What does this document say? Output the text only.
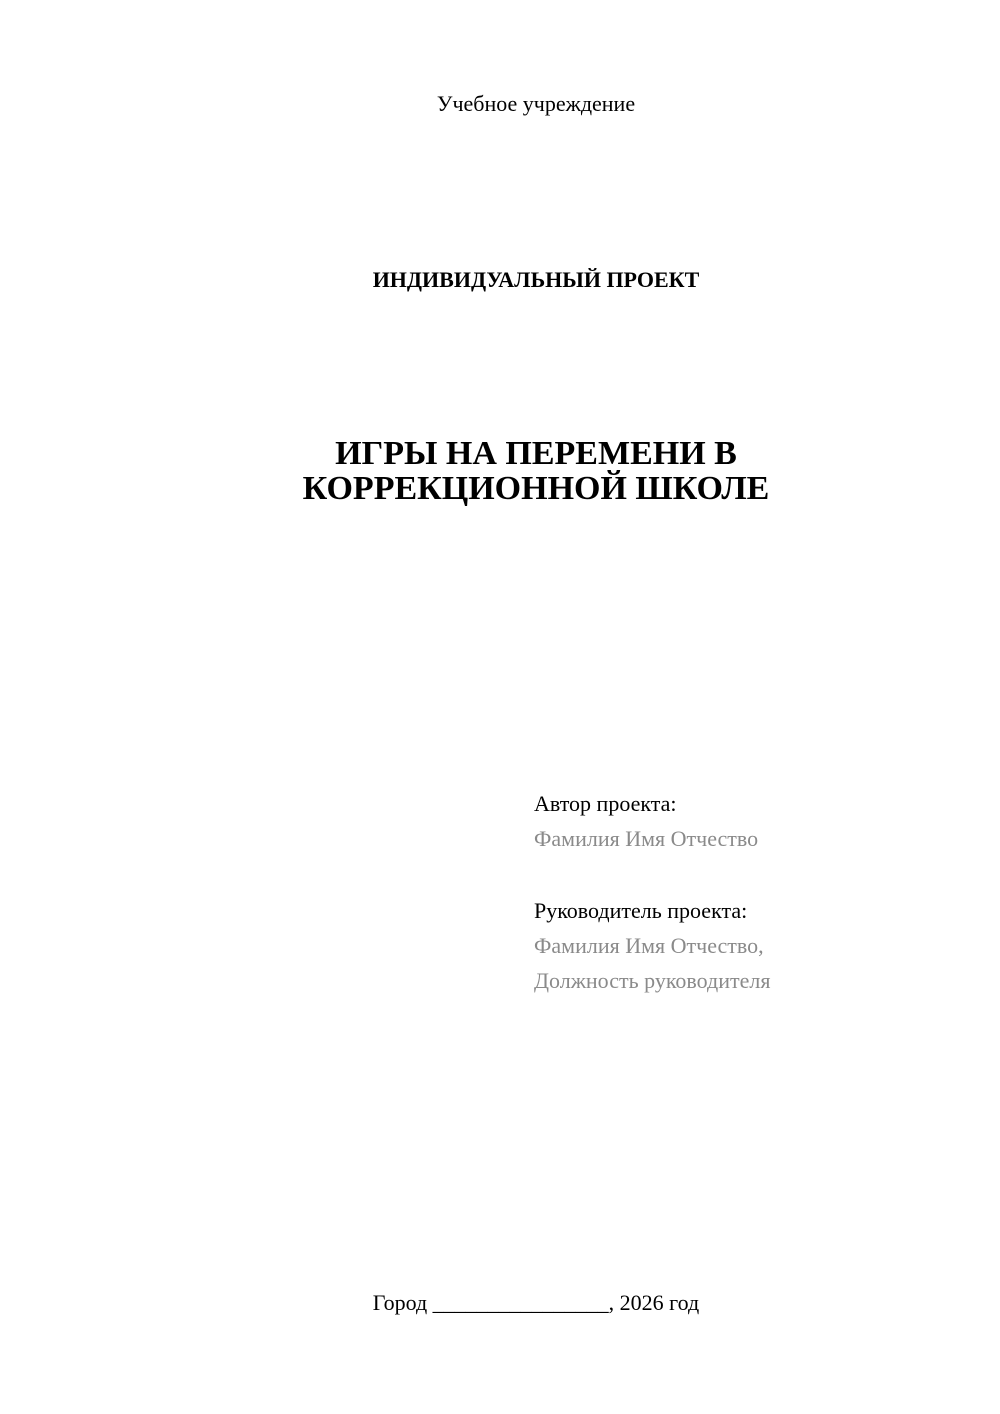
Учебное учреждение
ИНДИВИДУАЛЬНЫЙ ПРОЕКТ
ИГРЫ НА ПЕРЕМЕНИ В
КОРРЕКЦИОННОЙ ШКОЛЕ
Автор проекта:
Фамилия Имя Отчество
Руководитель проекта:
Фамилия Имя Отчество,
Должность руководителя
Город ________________, 2026 год
